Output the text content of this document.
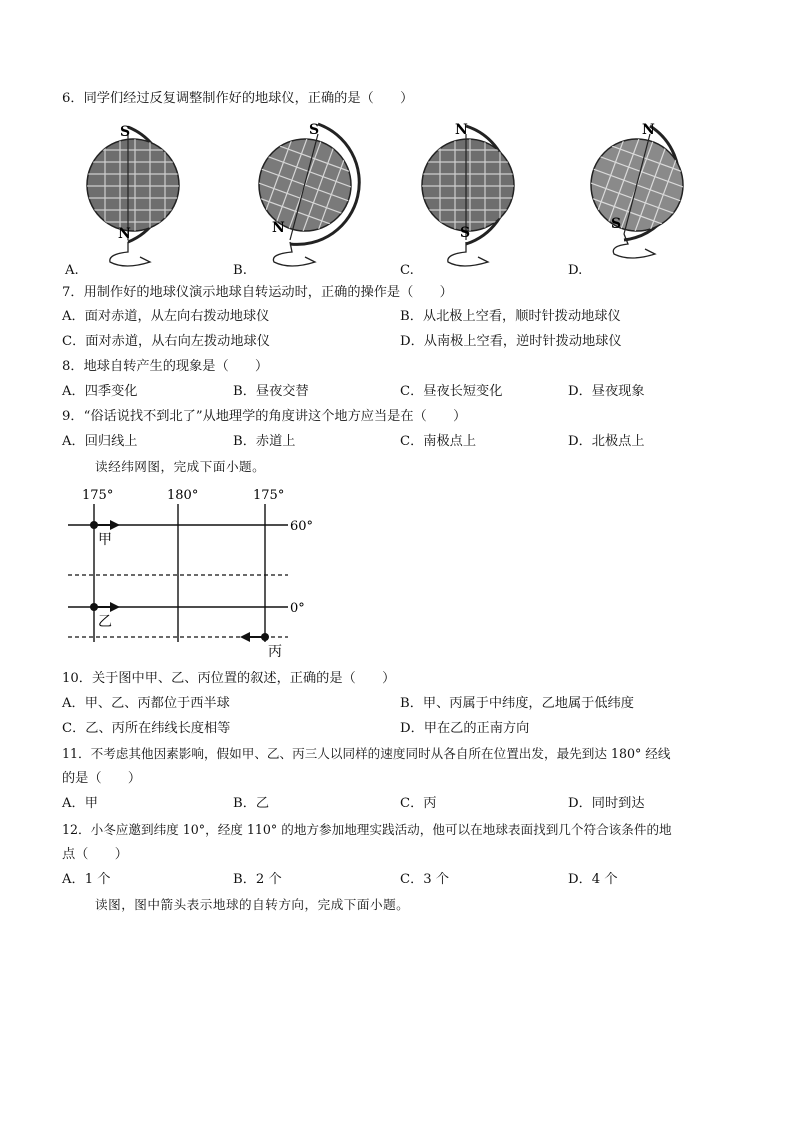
6．同学们经过反复调整制作好的地球仪，正确的是（　　）
S
N
S
N
N
S
N
S
A.	B.	C.	D.
7．用制作好的地球仪演示地球自转运动时，正确的操作是（　　）
A．面对赤道，从左向右拨动地球仪	B．从北极上空看，顺时针拨动地球仪
C．面对赤道，从右向左拨动地球仪	D．从南极上空看，逆时针拨动地球仪
8．地球自转产生的现象是（　　）
A．四季变化	B．昼夜交替	C．昼夜长短变化	D．昼夜现象
9．“俗话说找不到北了”从地理学的角度讲这个地方应当是在（　　）
A．回归线上	B．赤道上	C．南极点上	D．北极点上
读经纬网图，完成下面小题。
175°	180°	175°
60°
0°
甲
乙
丙
10．关于图中甲、乙、丙位置的叙述，正确的是（　　）
A．甲、乙、丙都位于西半球	B．甲、丙属于中纬度，乙地属于低纬度
C．乙、丙所在纬线长度相等	D．甲在乙的正南方向
11．不考虑其他因素影响，假如甲、乙、丙三人以同样的速度同时从各自所在位置出发，最先到达 180° 经线
的是（　　）
A．甲	B．乙	C．丙	D．同时到达
12．小冬应邀到纬度 10°，经度 110° 的地方参加地理实践活动，他可以在地球表面找到几个符合该条件的地
点（　　）
A．1 个	B．2 个	C．3 个	D．4 个
读图，图中箭头表示地球的自转方向，完成下面小题。
